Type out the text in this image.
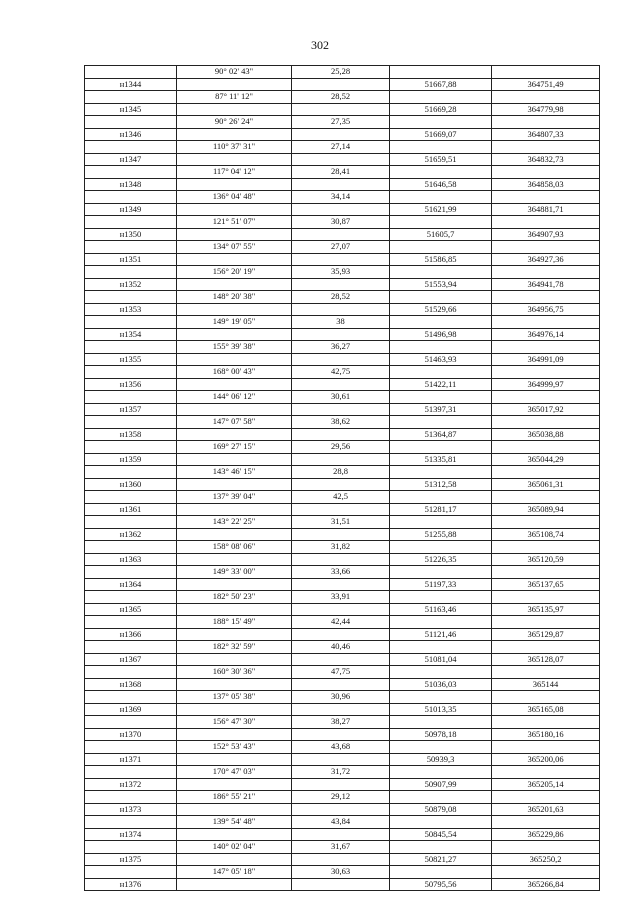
302
	90° 02' 43"	25,28		
н1344			51667,88	364751,49
	87° 11' 12"	28,52		
н1345			51669,28	364779,98
	90° 26' 24"	27,35		
н1346			51669,07	364807,33
	110° 37' 31"	27,14		
н1347			51659,51	364832,73
	117° 04' 12"	28,41		
н1348			51646,58	364858,03
	136° 04' 48"	34,14		
н1349			51621,99	364881,71
	121° 51' 07"	30,87		
н1350			51605,7	364907,93
	134° 07' 55"	27,07		
н1351			51586,85	364927,36
	156° 20' 19"	35,93		
н1352			51553,94	364941,78
	148° 20' 38"	28,52		
н1353			51529,66	364956,75
	149° 19' 05"	38		
н1354			51496,98	364976,14
	155° 39' 38"	36,27		
н1355			51463,93	364991,09
	168° 00' 43"	42,75		
н1356			51422,11	364999,97
	144° 06' 12"	30,61		
н1357			51397,31	365017,92
	147° 07' 58"	38,62		
н1358			51364,87	365038,88
	169° 27' 15"	29,56		
н1359			51335,81	365044,29
	143° 46' 15"	28,8		
н1360			51312,58	365061,31
	137° 39' 04"	42,5		
н1361			51281,17	365089,94
	143° 22' 25"	31,51		
н1362			51255,88	365108,74
	158° 08' 06"	31,82		
н1363			51226,35	365120,59
	149° 33' 00"	33,66		
н1364			51197,33	365137,65
	182° 50' 23"	33,91		
н1365			51163,46	365135,97
	188° 15' 49"	42,44		
н1366			51121,46	365129,87
	182° 32' 59"	40,46		
н1367			51081,04	365128,07
	160° 30' 36"	47,75		
н1368			51036,03	365144
	137° 05' 38"	30,96		
н1369			51013,35	365165,08
	156° 47' 30"	38,27		
н1370			50978,18	365180,16
	152° 53' 43"	43,68		
н1371			50939,3	365200,06
	170° 47' 03"	31,72		
н1372			50907,99	365205,14
	186° 55' 21"	29,12		
н1373			50879,08	365201,63
	139° 54' 48"	43,84		
н1374			50845,54	365229,86
	140° 02' 04"	31,67		
н1375			50821,27	365250,2
	147° 05' 18"	30,63		
н1376			50795,56	365266,84
